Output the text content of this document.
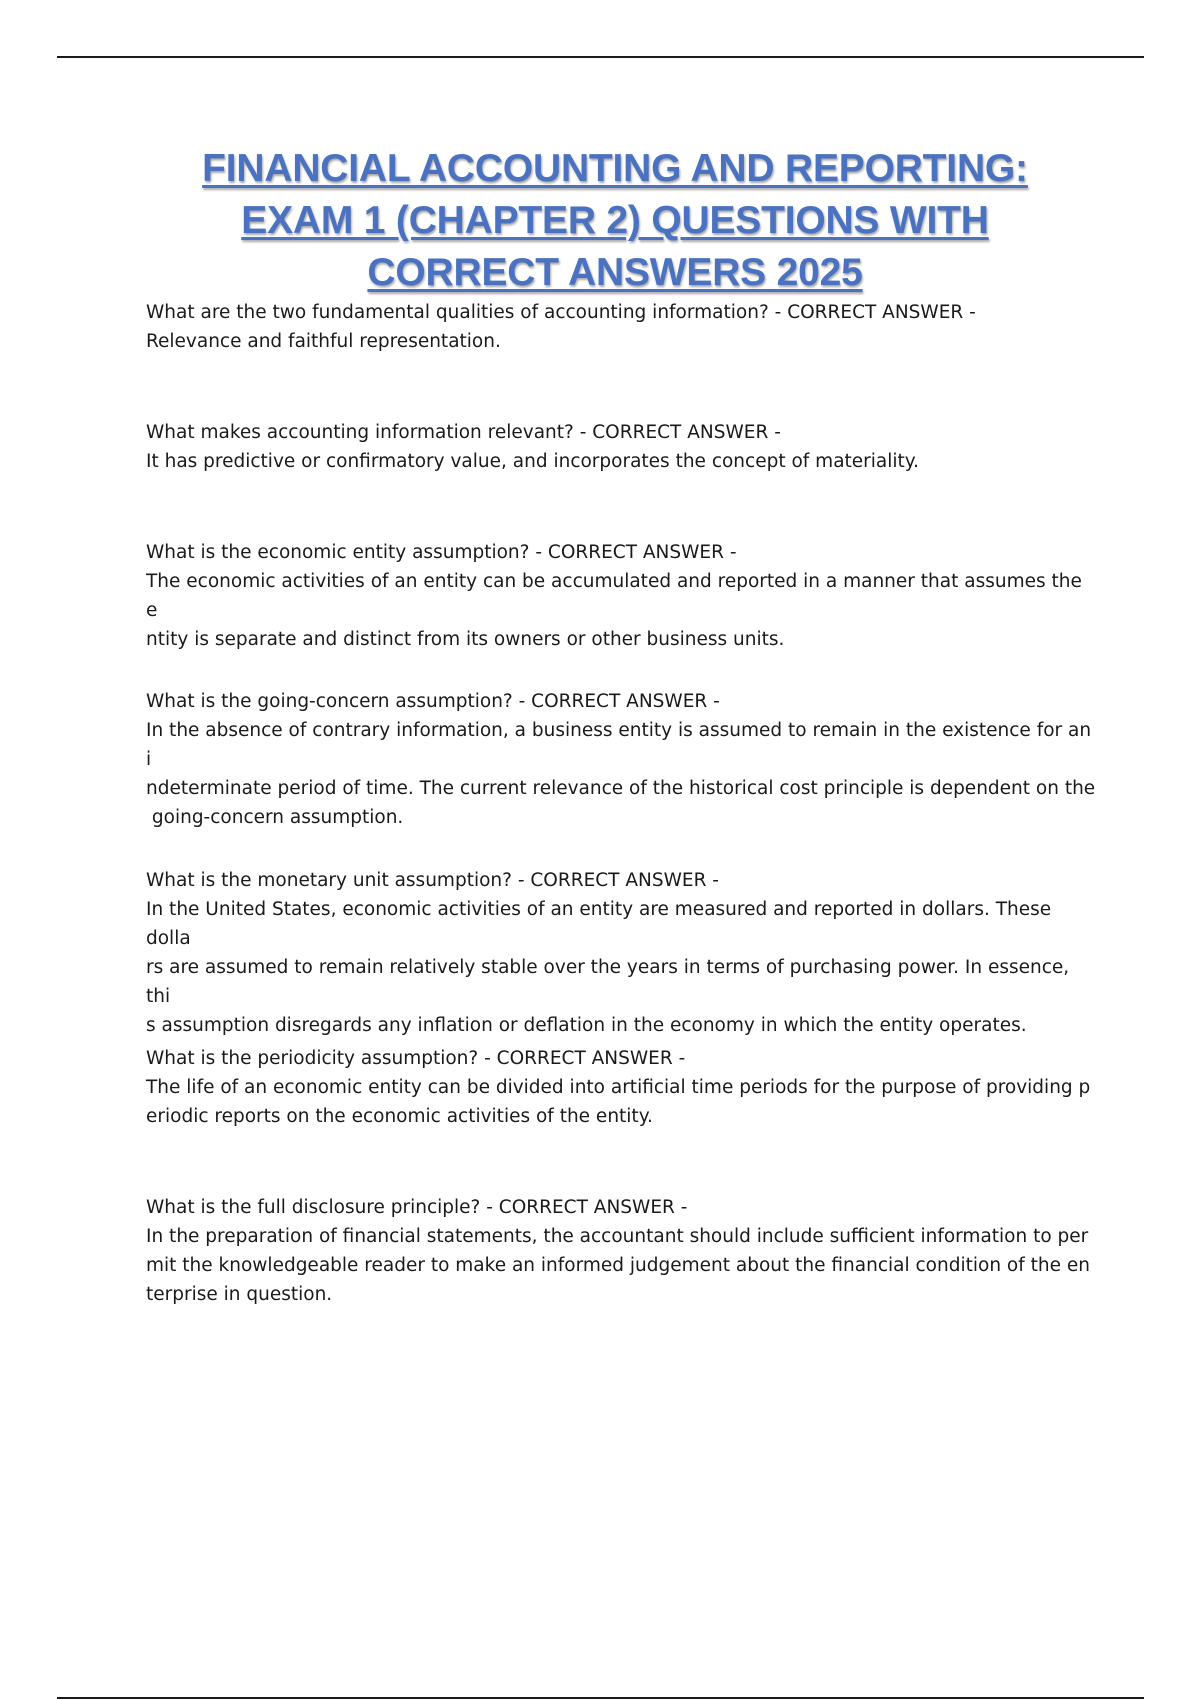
FINANCIAL ACCOUNTING AND REPORTING:
EXAM 1 (CHAPTER 2) QUESTIONS WITH
CORRECT ANSWERS 2025

What are the two fundamental qualities of accounting information? - CORRECT ANSWER -

Relevance and faithful representation.

What makes accounting information relevant? - CORRECT ANSWER -

It has predictive or confirmatory value, and incorporates the concept of materiality.

What is the economic entity assumption? - CORRECT ANSWER -

The economic activities of an entity can be accumulated and reported in a manner that assumes the e

ntity is separate and distinct from its owners or other business units.

What is the going-concern assumption? - CORRECT ANSWER -

In the absence of contrary information, a business entity is assumed to remain in the existence for an i

ndeterminate period of time. The current relevance of the historical cost principle is dependent on the

going-concern assumption.

What is the monetary unit assumption? - CORRECT ANSWER -

In the United States, economic activities of an entity are measured and reported in dollars. These dolla

rs are assumed to remain relatively stable over the years in terms of purchasing power. In essence, thi

s assumption disregards any inflation or deflation in the economy in which the entity operates.

What is the periodicity assumption? - CORRECT ANSWER -

The life of an economic entity can be divided into artificial time periods for the purpose of providing p

eriodic reports on the economic activities of the entity.

What is the full disclosure principle? - CORRECT ANSWER -

In the preparation of financial statements, the accountant should include sufficient information to per

mit the knowledgeable reader to make an informed judgement about the financial condition of the en

terprise in question.
